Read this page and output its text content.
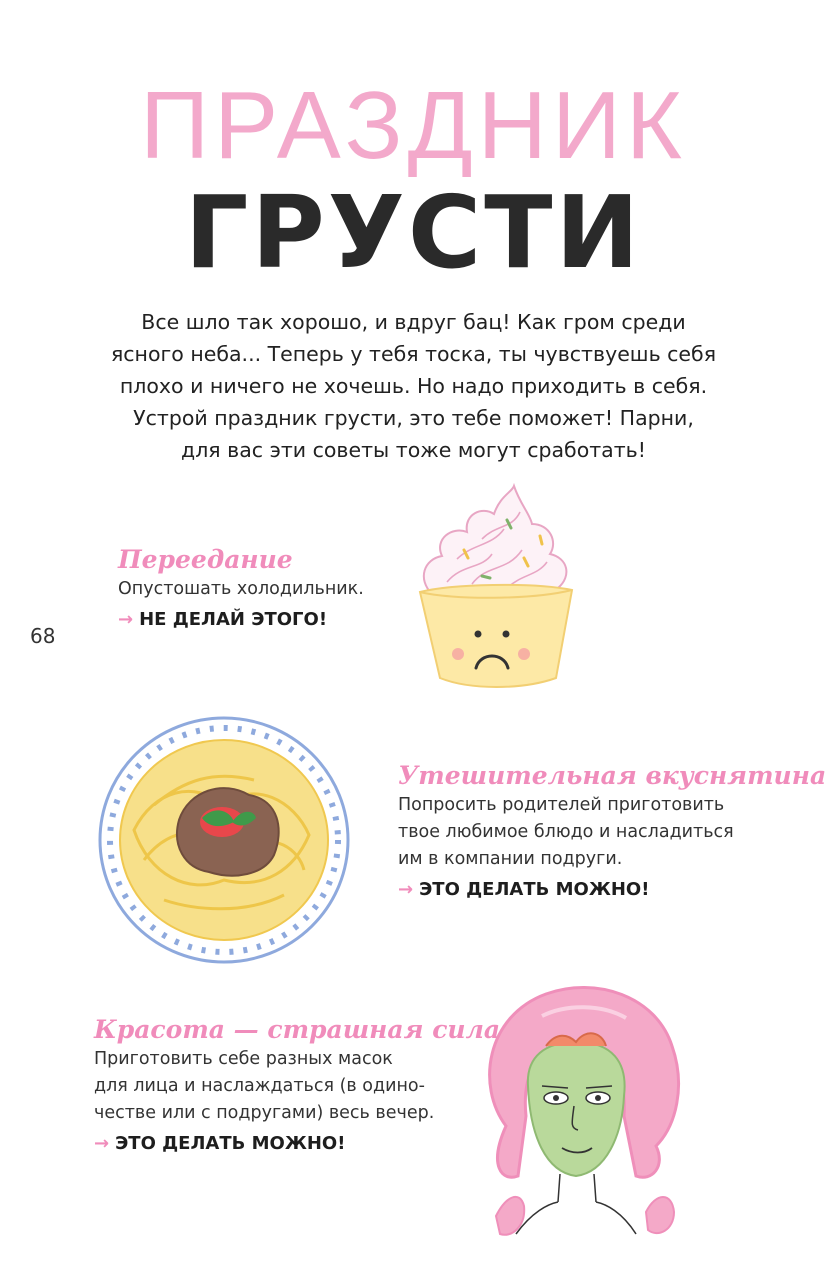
ПРАЗДНИК
ГРУСТИ
Все шло так хорошо, и вдруг бац! Как гром среди
ясного неба... Теперь у тебя тоска, ты чувствуешь себя
плохо и ничего не хочешь. Но надо приходить в себя.
Устрой праздник грусти, это тебе поможет! Парни,
для вас эти советы тоже могут сработать!
68
Переедание
Опустошать холодильник.
→ НЕ ДЕЛАЙ ЭТОГО!
Утешительная вкуснятина
Попросить родителей приготовить
твое любимое блюдо и насладиться
им в компании подруги.
→ ЭТО ДЕЛАТЬ МОЖНО!
Красота — страшная сила
Приготовить себе разных масок
для лица и наслаждаться (в одино-
честве или с подругами) весь вечер.
→ ЭТО ДЕЛАТЬ МОЖНО!
